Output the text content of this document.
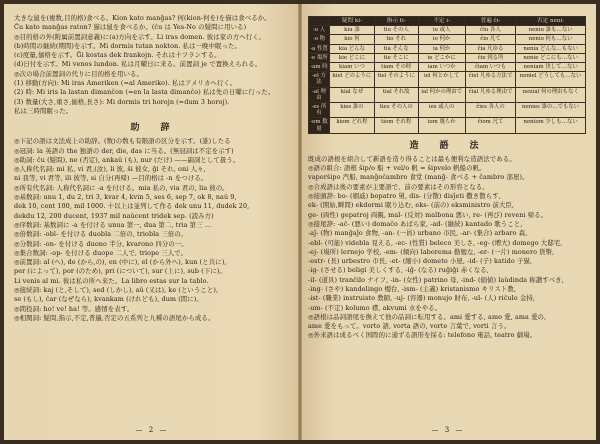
大きな鼠を(複数,目的格)食べる。Kion kato manĝas? 何(kion-何を)を猫は食べるか。
Ĉu kato manĝas raton? 猫は鼠を食べるか。(ĉu は Yes-No の疑問に用いる)
◎目的格の外(附属前置詞意義)に(a)方向を示す。Li iras domen. 彼は家の方へ行く。
(b)時間の継続(期間)を示す。Mi dormis tutan nokton. 私は一晩中眠った。
(c)度量,価格を示す。Ĝi kostas dek frankojn. それは十フランする。
(d)日付を示す。Mi venos lundon. 私は月曜日に来る。前置詞 je で置換えられる。
◎次の場合前置詞の代りに目的格を用いる。
(1) 移動(方向): Mi iras Ameriken (=al Ameriko). 私はアメリカへ行く。
(2) 時: Mi iris la lastan dimanĉon (=en la lasta dimanĉo) 私は先の日曜に行った。
(3) 数量(大さ,重さ,価格,長さ): Mi dormis tri horojn (=dum 3 horoj).
私は三時間眠った。
助　辞
◎下記の語は文法成上の助辞。(数)の数も有限語の区分を示す。(誰)したる
◎冠詞: la 英語の the 独語の der, die, das に当る。(無冠詞は不定を示す)
◎助詞: ĉu (疑問), ne (否定), ankaŭ (も), nur (だけ) ——副詞として扱う。
◎人称代名詞: mi 私, vi 君,(汝), li 彼, ŝi 彼女, ĝi それ, oni 人々,
ni 我等, vi 君等, ili 彼等, si 自分(再帰) —目的格は -n をつける。
◎所有代名詞: 人称代名詞に -a を付ける。mia 私の, via 君の, lia 彼の。
◎基数詞: unu 1, du 2, tri 3, kvar 4, kvin 5, ses 6, sep 7, ok 8, naŭ 9,
dek 10, cent 100, mil 1000. 十以上は並列して作る dek unu 11, dudek 20,
dekdu 12, 200 ducent, 1937 mil naŭcent tridek sep. (読み方)
◎序数詞: 基数詞に -a を付ける unua 第一, dua 第二, tria 第三 …
◎倍数詞: -obl- を付ける duobla 二倍の, triobla 三倍の。
◎分数詞: -on- を付ける duono 半分, kvarono 四分の一。
◎集合数詞: -op- を付ける duope 二人で, triope 三人で。
◎前置詞: al (へ), de (から,の), en (中に), el (から外へ), kun (と共に),
per (によって), por (のため), pri (について), sur (上に), sub (下に)。
Li venis al mi. 彼は私の所へ来た。La libro estas sur la tablo.
◎接続詞: kaj (と,そして), sed (しかし), aŭ (又は), ke (ということ),
se (もし), ĉar (なぜなら), kvankam (けれども), dum (間に)。
◎間投詞: ho! ve! ha! 等。感情を表す。
◎相関詞: 疑問,指示,不定,普遍,否定の五系列と九種の語尾から成る。
— 2 —
	疑問 ki-	指示 ti-	不定 i-	普遍 ĉi-	否定 neni-
-u 人	kiu 誰	tiu その人	iu 或人	ĉiu 各人	neniu 誰も…ない
-o 物	kio 何	tio それ	io 何か	ĉio 凡て	nenio 何も…ない
-a 性質	kia どんな	tia そんな	ia 何か	ĉia 凡ゆる	nenia どんな…もない
-e 場所	kie どこに	tie そこに	ie どこかに	ĉie 到る所	nenie どこにも…ない
-am 時	kiam いつ	tiam その時	iam いつか	ĉiam いつも	neniam 決して…ない
-el 方法	kiel どのように	tiel そのように	iel 何とかして	ĉiel 凡ゆる方法で	neniel どうしても…ない
-al 理由	kial なぜ	tial それ故	ial 何かの理由で	ĉial 凡ゆる理由で	nenial 何の理由もなく
-es 所有	kies 誰の	ties その人の	ies 或人の	ĉies 各人の	nenies 誰の…でもない
-om 数量	kiom どれ程	tiom それ程	iom 幾らか	ĉiom 凡て	neniom 少しも…ない
造　語　法
既成の語根を組合して新語を造り得ることは最も便利な造語法である。
◎語の組合: 語根 ŝip/o 船 + vel/o 帆 = ŝipvelo 帆船の帆。
vaporŝipo 汽船, manĝoĉambro 食堂 (manĝ- 食べる + ĉambro 部屋)。
◎合成語は後の要素が主要語で、前の要素はその形容となる。
◎接頭辞: bo- (姻戚) bopatro 舅, dis- (分散) disĵeti 撒き散らす,
ek- (開始,瞬間) ekdormi 眠り込む, eks- (前の) eksministro 前大臣,
ge- (両性) gepatroj 両親, mal- (反対) malbona 悪い, re- (再び) reveni 帰る。
◎接尾辞: -aĉ- (悪い) domaĉo あばら家, -ad- (継続) kantado 歌うこと,
-aĵ- (物) manĝaĵo 食物, -an- (一員) urbano 市民, -ar- (集合) arbaro 森,
-ebl- (可能) videbla 見える, -ec- (性質) beleco 美しさ, -eg- (増大) domego 大邸宅,
-ej- (場所) lernejo 学校, -em- (傾向) laborema 勤勉な, -er- (一片) monero 貨幣,
-estr- (長) urbestro 市長, -et- (縮小) dometo 小屋, -id- (子) katido 子猫,
-ig- (させる) beligi 美しくする, -iĝ- (なる) ruĝiĝi 赤くなる,
-il- (道具) tranĉilo ナイフ, -in- (女性) patrino 母, -ind- (価値) laŭdinda 称讃すべき,
-ing- (さや) kandelingo 燭台, -ism- (主義) kristanismo キリスト教,
-ist- (職業) instruisto 教師, -uj- (容器) monujo 財布, -ul- (人) riĉulo 金持,
-um- (不定) kolumo 襟, akvumi 水をやる。
◎語根は品詞語尾を換えて他の品詞に転用する。ami 愛する, amo 愛, ama 愛の,
ame 愛をもって。vorto 語, vorta 語の, vorte 言葉で, vorti 言う。
◎外来語は成るべく国際的に通ずる語形を採る: telefono 電話, teatro 劇場。
— 3 —
